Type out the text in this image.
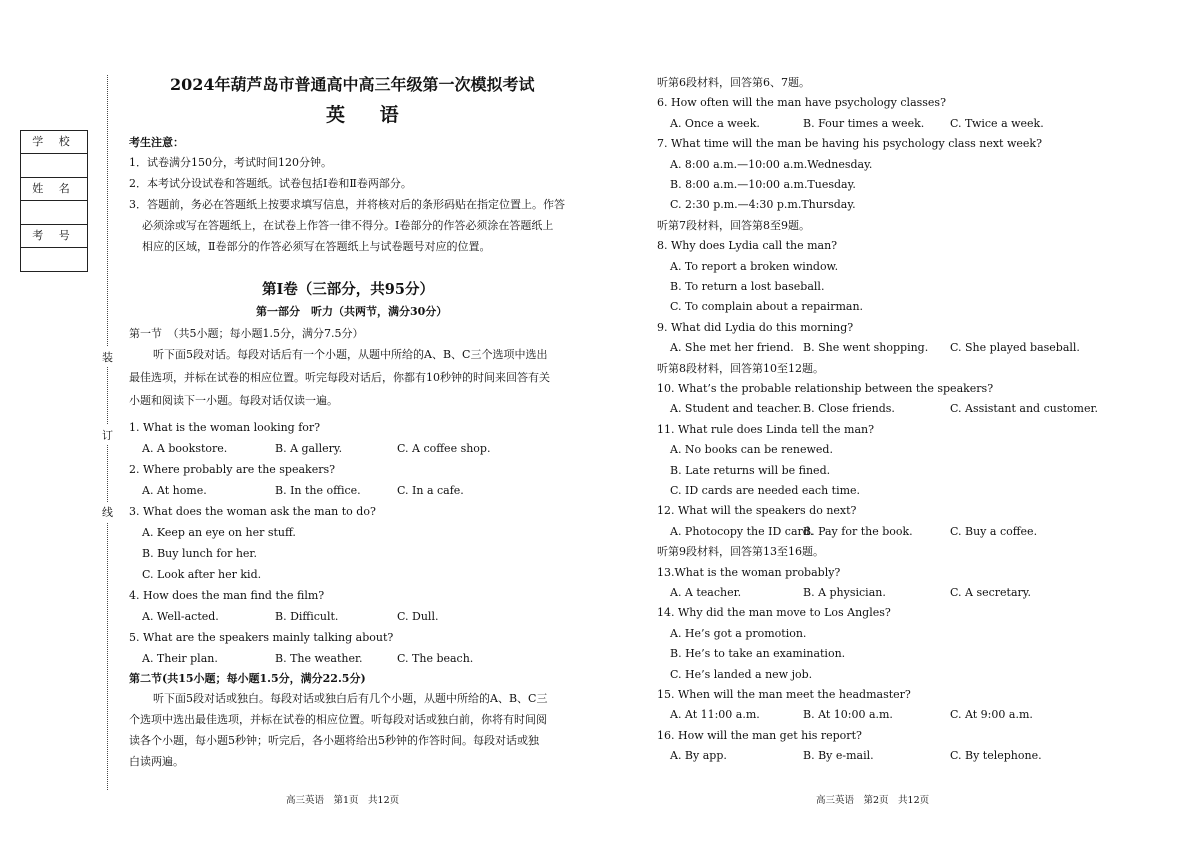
装
订
线
学 校
姓 名
考 号
2024年葫芦岛市普通高中高三年级第一次模拟考试
英 语
考生注意：
1．试卷满分150分，考试时间120分钟。
2．本考试分设试卷和答题纸。试卷包括Ⅰ卷和Ⅱ卷两部分。
3．答题前，务必在答题纸上按要求填写信息，并将核对后的条形码贴在指定位置上。作答
必须涂或写在答题纸上，在试卷上作答一律不得分。Ⅰ卷部分的作答必须涂在答题纸上
相应的区域，Ⅱ卷部分的作答必须写在答题纸上与试卷题号对应的位置。
第Ⅰ卷（三部分，共95分）
第一部分　听力（共两节，满分30分）
第一节　（共5小题；每小题1.5分，满分7.5分）
听下面5段对话。每段对话后有一个小题，从题中所给的A、B、C三个选项中选出
最佳选项，并标在试卷的相应位置。听完每段对话后，你都有10秒钟的时间来回答有关
小题和阅读下一小题。每段对话仅读一遍。
1. What is the woman looking for?
A. A bookstore.	B. A gallery.	C. A coffee shop.
2. Where probably are the speakers?
A. At home.	B. In the office.	C. In a cafe.
3. What does the woman ask the man to do?
A. Keep an eye on her stuff.
B. Buy lunch for her.
C. Look after her kid.
4. How does the man find the film?
A. Well-acted.	B. Difficult.	C. Dull.
5. What are the speakers mainly talking about?
A. Their plan.	B. The weather.	C. The beach.
第二节(共15小题；每小题1.5分，满分22.5分)
听下面5段对话或独白。每段对话或独白后有几个小题，从题中所给的A、B、C三
个选项中选出最佳选项，并标在试卷的相应位置。听每段对话或独白前，你将有时间阅
读各个小题，每小题5秒钟；听完后，各小题将给出5秒钟的作答时间。每段对话或独
白读两遍。
高三英语　第1页　共12页
听第6段材料，回答第6、7题。
6. How often will the man have psychology classes?
A. Once a week.	B. Four times a week. C. Twice a week.
7. What time will the man be having his psychology class next week?
A. 8:00 a.m.—10:00 a.m.Wednesday.
B. 8:00 a.m.—10:00 a.m.Tuesday.
C. 2:30 p.m.—4:30 p.m.Thursday.
听第7段材料，回答第8至9题。
8. Why does Lydia call the man?
A. To report a broken window.
B. To return a lost baseball.
C. To complain about a repairman.
9. What did Lydia do this morning?
A. She met her friend. B. She went shopping. C. She played baseball.
听第8段材料，回答第10至12题。
10. What’s the probable relationship between the speakers?
A. Student and teacher. B. Close friends.	C. Assistant and customer.
11. What rule does Linda tell the man?
A. No books can be renewed.
B. Late returns will be fined.
C. ID cards are needed each time.
12. What will the speakers do next?
A. Photocopy the ID card.
B. Pay for the book.	C. Buy a coffee.
听第9段材料，回答第13至16题。
13.What is the woman probably?
A. A teacher.	B. A physician.	C. A secretary.
14. Why did the man move to Los Angles?
A. He’s got a promotion.
B. He’s to take an examination.
C. He’s landed a new job.
15. When will the man meet the headmaster?
A. At 11:00 a.m.	B. At 10:00 a.m.	C. At 9:00 a.m.
16. How will the man get his report?
A. By app.	B. By e-mail.	C. By telephone.
高三英语　第2页　共12页
